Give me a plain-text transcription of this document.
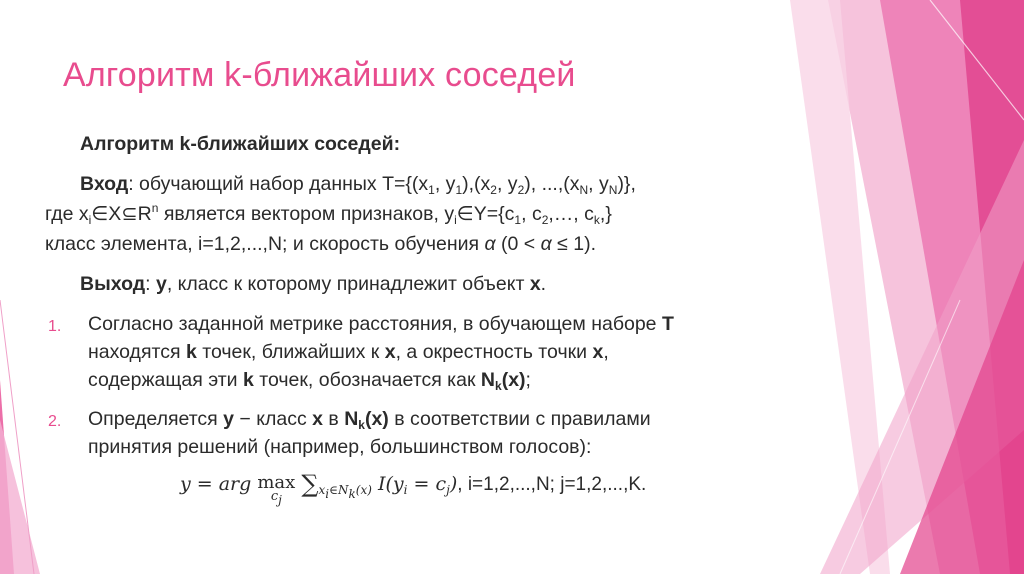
Алгоритм k-ближайших соседей
Алгоритм k-ближайших соседей:
Вход: обучающий набор данных $T=\{(x_1$, $y_1),(x_2$, $y_2$), $...,(x_N$, $y_N$)},
где $x_i\in X⊆R^n$ является вектором признаков, $y_i\in Y=\{c_1$, $c_2,\dots$, $c_k$,}
класс элемента, i=1,2,...,N; и скорость обучения α (0 < α ≤ 1).
Выход: y, класс к которому принадлежит объект x.
1. Согласно заданной метрике расстояния, в обучающем наборе T
находятся k точек, ближайших к x, а окрестность точки x,
содержащая эти k точек, обозначается как $N_k(x)$;
2. Определяется y − класс x в $N_k(x)$ в соответствии с правилами
принятия решений (например, большинством голосов):
y = arg max
$c_j$
$\sum_{x_i\in N_k(x)}$ $I(y_i = c_j)$, i=1,2,...,N; j=1,2,...,K.
